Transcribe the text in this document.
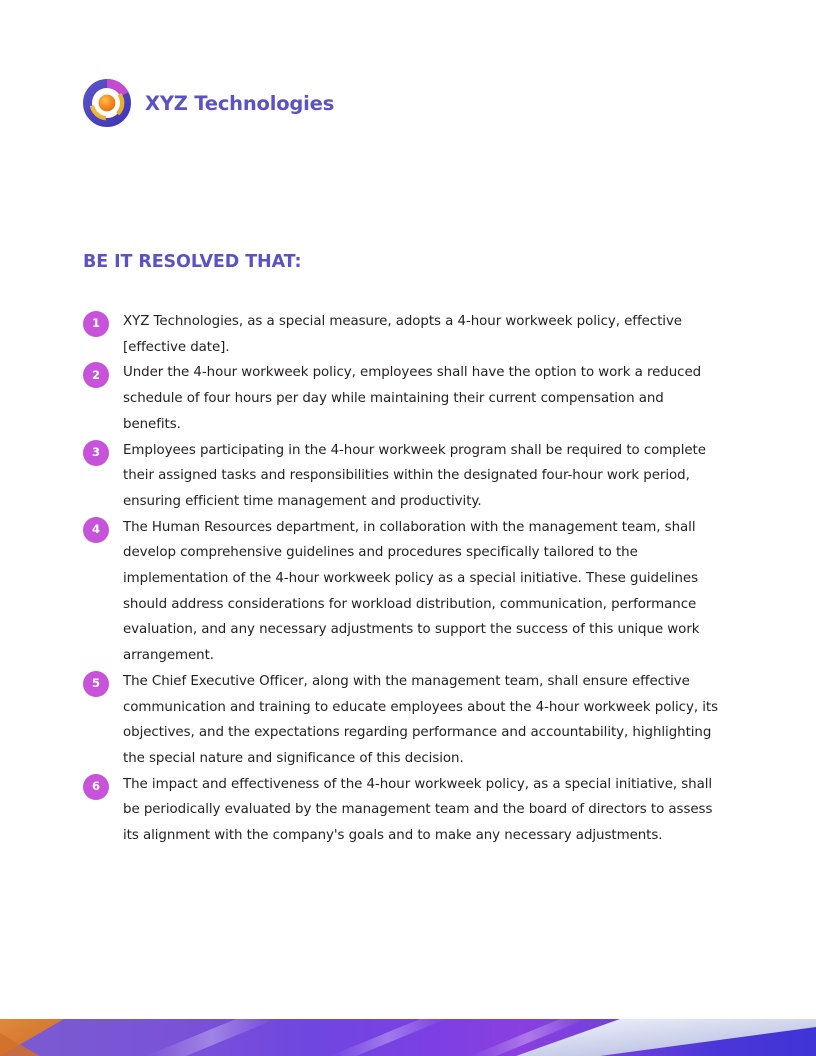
XYZ Technologies
BE IT RESOLVED THAT:
1	XYZ Technologies, as a special measure, adopts a 4-hour workweek policy, effective [effective date].
2	Under the 4-hour workweek policy, employees shall have the option to work a reduced schedule of four hours per day while maintaining their current compensation and benefits.
3	Employees participating in the 4-hour workweek program shall be required to complete their assigned tasks and responsibilities within the designated four-hour work period, ensuring efficient time management and productivity.
4	The Human Resources department, in collaboration with the management team, shall develop comprehensive guidelines and procedures specifically tailored to the implementation of the 4-hour workweek policy as a special initiative. These guidelines should address considerations for workload distribution, communication, performance evaluation, and any necessary adjustments to support the success of this unique work arrangement.
5	The Chief Executive Officer, along with the management team, shall ensure effective communication and training to educate employees about the 4-hour workweek policy, its objectives, and the expectations regarding performance and accountability, highlighting the special nature and significance of this decision.
6	The impact and effectiveness of the 4-hour workweek policy, as a special initiative, shall be periodically evaluated by the management team and the board of directors to assess its alignment with the company's goals and to make any necessary adjustments.
